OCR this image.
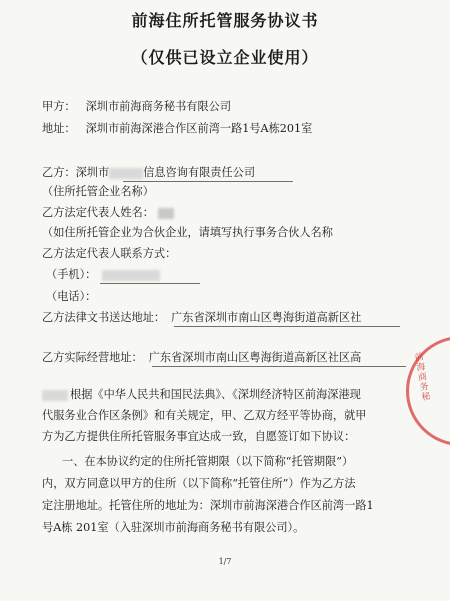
前海住所托管服务协议书
（仅供已设立企业使用）
甲方： 深圳市前海商务秘书有限公司
地址： 深圳市前海深港合作区前湾一路1号A栋201室
乙方：深圳市	信息咨询有限责任公司
（住所托管企业名称）
乙方法定代表人姓名：
（如住所托管企业为合伙企业，请填写执行事务合伙人名称
乙方法定代表人联系方式：
（手机）：
（电话）：
乙方法律文书送达地址： 广东省深圳市南山区粤海街道高新区社
乙方实际经营地址： 广东省深圳市南山区粤海街道高新区社区高
根据《中华人民共和国民法典》、《深圳经济特区前海深港现
代服务业合作区条例》和有关规定，甲、乙双方经平等协商，就甲
方为乙方提供住所托管服务事宜达成一致，自愿签订如下协议：
一、在本协议约定的住所托管期限（以下简称“托管期限”）
内，双方同意以甲方的住所（以下简称“托管住所”）作为乙方法
定注册地址。托管住所的地址为：深圳市前海深港合作区前湾一路1
号A栋 201室（入驻深圳市前海商务秘书有限公司）。
前海商务秘
1/7
